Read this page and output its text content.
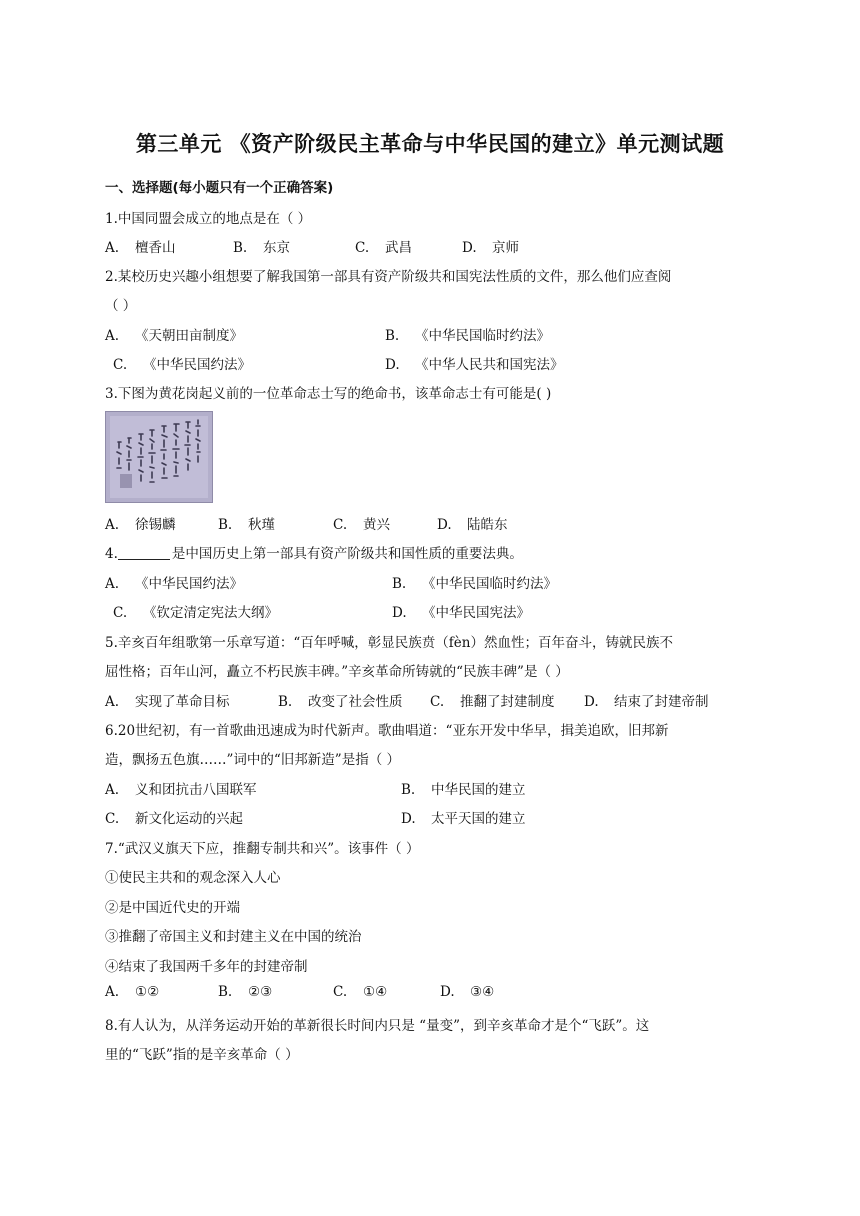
第三单元 《资产阶级民主革命与中华民国的建立》单元测试题
一、选择题(每小题只有一个正确答案)
1.中国同盟会成立的地点是在（ ）
A. 檀香山	B. 东京	C. 武昌	D. 京师
2.某校历史兴趣小组想要了解我国第一部具有资产阶级共和国宪法性质的文件，那么他们应查阅
（ ）
A. 《天朝田亩制度》	B. 《中华民国临时约法》
C. 《中华民国约法》	D. 《中华人民共和国宪法》
3.下图为黄花岗起义前的一位革命志士写的绝命书，该革命志士有可能是( )
A. 徐锡麟	B. 秋瑾	C. 黄兴	D. 陆皓东
4.	是中国历史上第一部具有资产阶级共和国性质的重要法典。
A. 《中华民国约法》	B. 《中华民国临时约法》
C. 《钦定清定宪法大纲》	D. 《中华民国宪法》
5.辛亥百年组歌第一乐章写道：“百年呼喊，彰显民族贲（fèn）然血性；百年奋斗，铸就民族不
屈性格；百年山河，矗立不朽民族丰碑。”辛亥革命所铸就的“民族丰碑”是（ ）
A. 实现了革命目标	B. 改变了社会性质 C. 推翻了封建制度 D. 结束了封建帝制
6.20世纪初，有一首歌曲迅速成为时代新声。歌曲唱道：“亚东开发中华早，揖美追欧，旧邦新
造，飘扬五色旗……”词中的“旧邦新造”是指（ ）
A. 义和团抗击八国联军	B. 中华民国的建立
C. 新文化运动的兴起	D. 太平天国的建立
7.“武汉义旗天下应，推翻专制共和兴”。该事件（ ）
①使民主共和的观念深入人心
②是中国近代史的开端
③推翻了帝国主义和封建主义在中国的统治
④结束了我国两千多年的封建帝制
A. ①②	B. ②③	C. ①④	D. ③④
8.有人认为，从洋务运动开始的革新很长时间内只是 “量变”，到辛亥革命才是个“飞跃”。这
里的“飞跃”指的是辛亥革命（ ）
